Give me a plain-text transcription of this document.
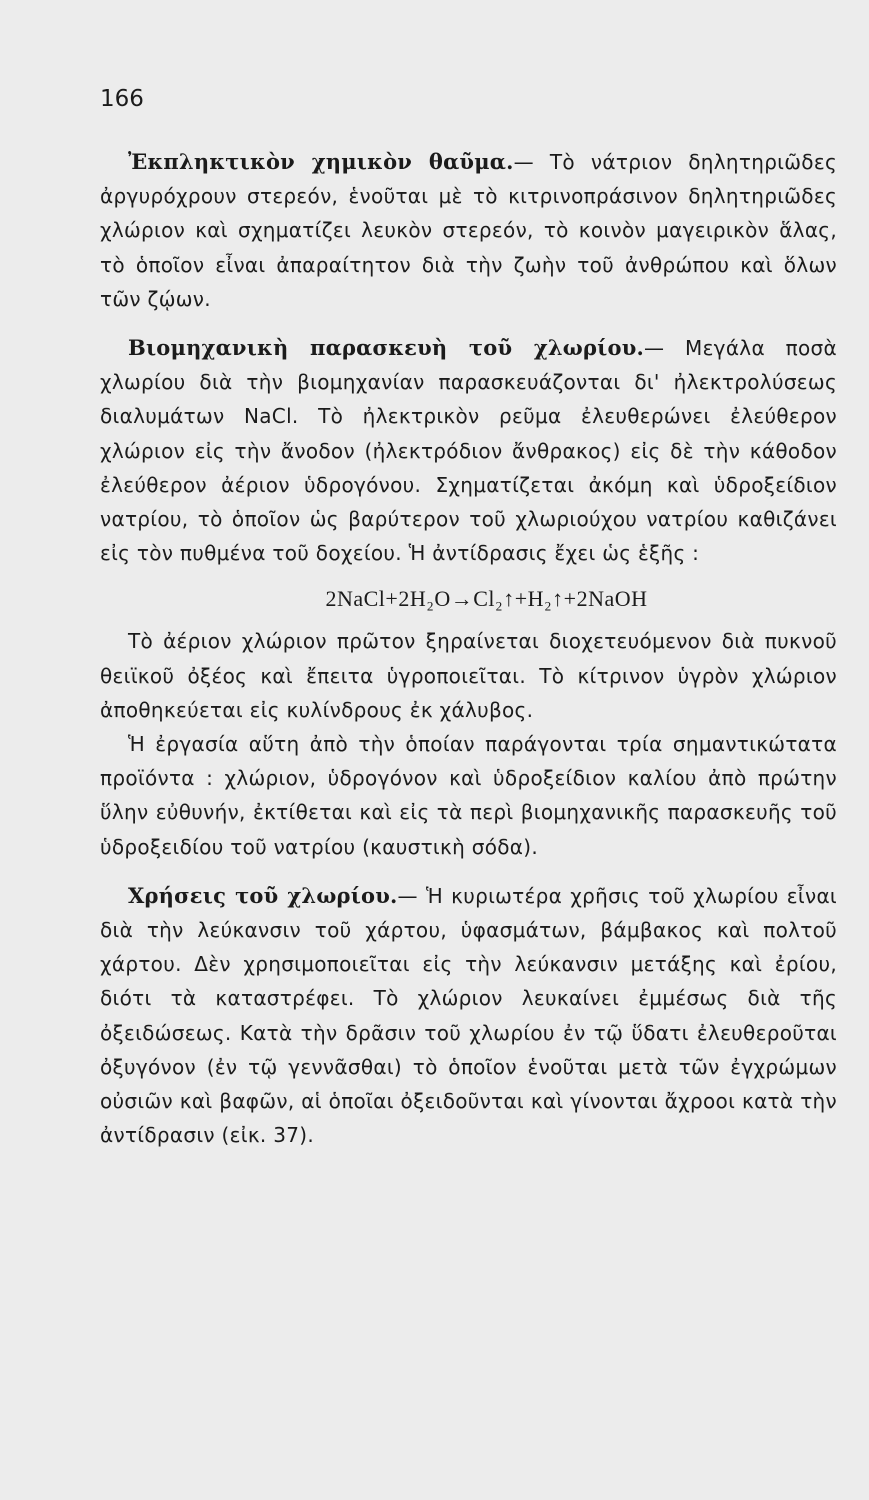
166

Ἐκπληκτικὸν χημικὸν θαῦμα.— Τὸ νάτριον δηλητηριῶδες ἀργυρόχρουν στερεόν, ἑνοῦται μὲ τὸ κιτρινοπράσινον δηλητηριῶδες χλώριον καὶ σχηματίζει λευκὸν στερεόν, τὸ κοινὸν μαγειρικὸν ἅλας, τὸ ὁποῖον εἶναι ἀπαραίτητον διὰ τὴν ζωὴν τοῦ ἀνθρώπου καὶ ὅλων τῶν ζῴων.

Βιομηχανικὴ παρασκευὴ τοῦ χλωρίου.— Μεγάλα ποσὰ χλωρίου διὰ τὴν βιομηχανίαν παρασκευάζονται δι' ἠλεκτρολύσεως διαλυμάτων NaCl. Τὸ ἠλεκτρικὸν ρεῦμα ἐλευθερώνει ἐλεύθερον χλώριον εἰς τὴν ἄνοδον (ἠλεκτρόδιον ἄνθρακος) εἰς δὲ τὴν κάθοδον ἐλεύθερον ἀέριον ὑδρογόνου. Σχηματίζεται ἀκόμη καὶ ὑδροξείδιον νατρίου, τὸ ὁποῖον ὡς βαρύτερον τοῦ χλωριούχου νατρίου καθιζάνει εἰς τὸν πυθμένα τοῦ δοχείου. Ἡ ἀντίδρασις ἔχει ὡς ἑξῆς :

2NaCl+2H₂O→Cl₂↑+H₂↑+2NaOH

Τὸ ἀέριον χλώριον πρῶτον ξηραίνεται διοχετευόμενον διὰ πυκνοῦ θειϊκοῦ ὀξέος καὶ ἔπειτα ὑγροποιεῖται. Τὸ κίτρινον ὑγρὸν χλώριον ἀποθηκεύεται εἰς κυλίνδρους ἐκ χάλυβος.

Ἡ ἐργασία αὕτη ἀπὸ τὴν ὁποίαν παράγονται τρία σημαντικώτατα προϊόντα : χλώριον, ὑδρογόνον καὶ ὑδροξείδιον καλίου ἀπὸ πρώτην ὕλην εὐθυνήν, ἐκτίθεται καὶ εἰς τὰ περὶ βιομηχανικῆς παρασκευῆς τοῦ ὑδροξειδίου τοῦ νατρίου (καυστικὴ σόδα).

Χρήσεις τοῦ χλωρίου.— Ἡ κυριωτέρα χρῆσις τοῦ χλωρίου εἶναι διὰ τὴν λεύκανσιν τοῦ χάρτου, ὑφασμάτων, βάμβακος καὶ πολτοῦ χάρτου. Δὲν χρησιμοποιεῖται εἰς τὴν λεύκανσιν μετάξης καὶ ἐρίου, διότι τὰ καταστρέφει. Τὸ χλώριον λευκαίνει ἐμμέσως διὰ τῆς ὀξειδώσεως. Κατὰ τὴν δρᾶσιν τοῦ χλωρίου ἐν τῷ ὕδατι ἐλευθεροῦται ὀξυγόνον (ἐν τῷ γεννᾶσθαι) τὸ ὁποῖον ἑνοῦται μετὰ τῶν ἐγχρώμων οὐσιῶν καὶ βαφῶν, αἱ ὁποῖαι ὀξειδοῦνται καὶ γίνονται ἄχροοι κατὰ τὴν ἀντίδρασιν (εἰκ. 37).
